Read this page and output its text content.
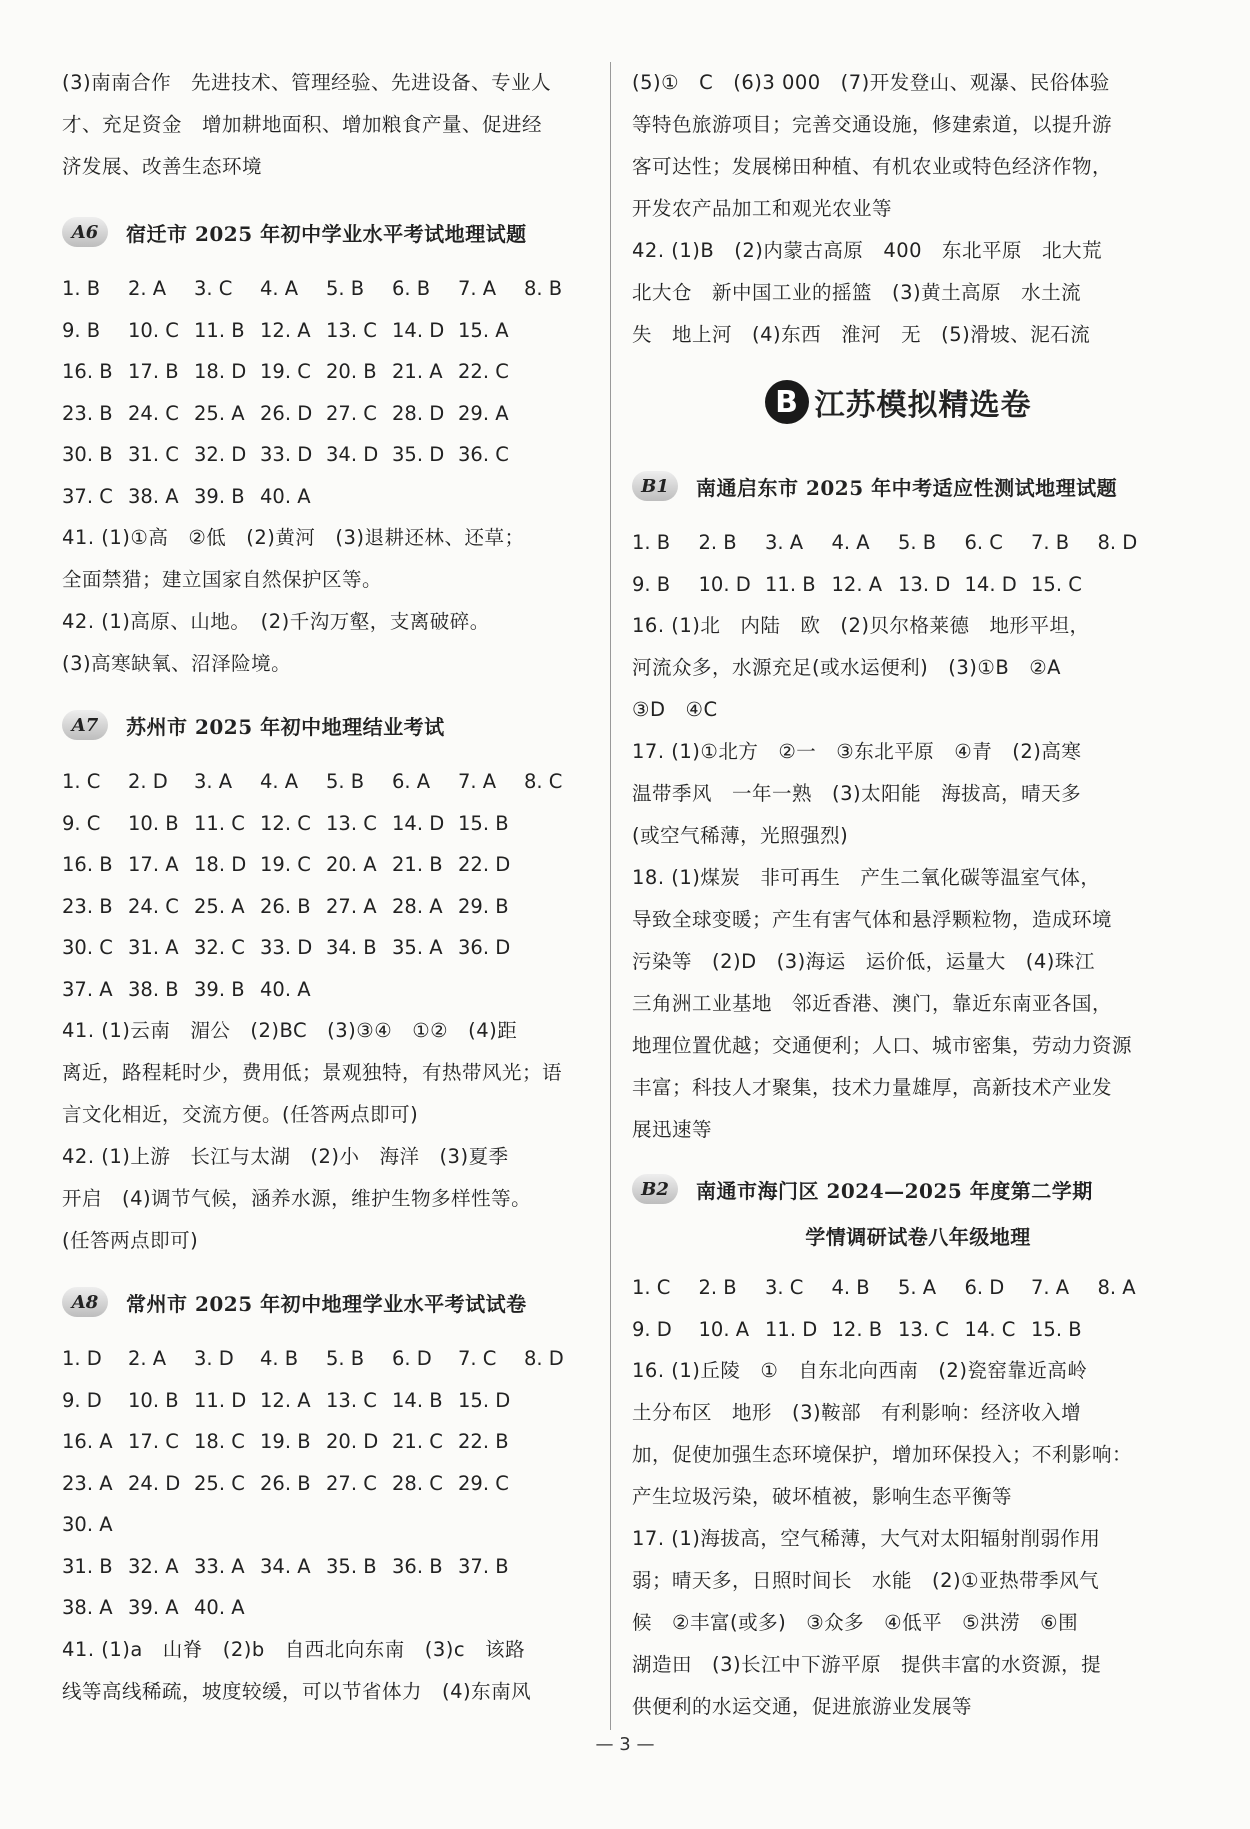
(3)南南合作　先进技术、管理经验、先进设备、专业人
才、充足资金　增加耕地面积、增加粮食产量、促进经
济发展、改善生态环境
A6	宿迁市 2025 年初中学业水平考试地理试题
1. B	2. A	3. C	4. A	5. B	6. B	7. A	8. B
9. B	10. C 11. B 12. A 13. C 14. D 15. A
16. B 17. B 18. D 19. C 20. B 21. A 22. C
23. B 24. C 25. A 26. D 27. C 28. D 29. A
30. B 31. C 32. D 33. D 34. D 35. D 36. C
37. C 38. A 39. B 40. A
41. (1)①高　②低　(2)黄河　(3)退耕还林、还草；
全面禁猎；建立国家自然保护区等。
42. (1)高原、山地。　(2)千沟万壑，支离破碎。
(3)高寒缺氧、沼泽险境。
A7	苏州市 2025 年初中地理结业考试
1. C	2. D	3. A	4. A	5. B	6. A	7. A	8. C
9. C	10. B 11. C 12. C 13. C 14. D 15. B
16. B 17. A 18. D 19. C 20. A 21. B 22. D
23. B 24. C 25. A 26. B 27. A 28. A 29. B
30. C 31. A 32. C 33. D 34. B 35. A 36. D
37. A 38. B 39. B 40. A
41. (1)云南　湄公　(2)BC　(3)③④　①②　(4)距
离近，路程耗时少，费用低；景观独特，有热带风光；语
言文化相近，交流方便。(任答两点即可)
42. (1)上游　长江与太湖　(2)小　海洋　(3)夏季
开启　(4)调节气候，涵养水源，维护生物多样性等。
(任答两点即可)
A8	常州市 2025 年初中地理学业水平考试试卷
1. D	2. A	3. D	4. B	5. B	6. D	7. C	8. D
9. D	10. B 11. D 12. A 13. C 14. B 15. D
16. A 17. C 18. C 19. B 20. D 21. C 22. B
23. A 24. D 25. C 26. B 27. C 28. C 29. C
30. A
31. B 32. A 33. A 34. A 35. B 36. B 37. B
38. A 39. A 40. A
41. (1)a　山脊　(2)b　自西北向东南　(3)c　该路
线等高线稀疏，坡度较缓，可以节省体力　(4)东南风
(5)①　C　(6)3 000　(7)开发登山、观瀑、民俗体验
等特色旅游项目；完善交通设施，修建索道，以提升游
客可达性；发展梯田种植、有机农业或特色经济作物，
开发农产品加工和观光农业等
42. (1)B　(2)内蒙古高原　400　东北平原　北大荒
北大仓　新中国工业的摇篮　(3)黄土高原　水土流
失　地上河　(4)东西　淮河　无　(5)滑坡、泥石流
B 江苏模拟精选卷
B1	南通启东市 2025 年中考适应性测试地理试题
1. B	2. B	3. A	4. A	5. B	6. C	7. B	8. D
9. B	10. D 11. B 12. A 13. D 14. D 15. C
16. (1)北　内陆　欧　(2)贝尔格莱德　地形平坦，
河流众多，水源充足(或水运便利)　(3)①B　②A
③D　④C
17. (1)①北方　②一　③东北平原　④青　(2)高寒
温带季风　一年一熟　(3)太阳能　海拔高，晴天多
(或空气稀薄，光照强烈)
18. (1)煤炭　非可再生　产生二氧化碳等温室气体，
导致全球变暖；产生有害气体和悬浮颗粒物，造成环境
污染等　(2)D　(3)海运　运价低，运量大　(4)珠江
三角洲工业基地　邻近香港、澳门，靠近东南亚各国，
地理位置优越；交通便利；人口、城市密集，劳动力资源
丰富；科技人才聚集，技术力量雄厚，高新技术产业发
展迅速等
B2	南通市海门区 2024—2025 年度第二学期
学情调研试卷八年级地理
1. C	2. B	3. C	4. B	5. A	6. D	7. A	8. A
9. D	10. A 11. D 12. B 13. C 14. C 15. B
16. (1)丘陵　①　自东北向西南　(2)瓷窑靠近高岭
土分布区　地形　(3)鞍部　有利影响：经济收入增
加，促使加强生态环境保护，增加环保投入；不利影响：
产生垃圾污染，破坏植被，影响生态平衡等
17. (1)海拔高，空气稀薄，大气对太阳辐射削弱作用
弱；晴天多，日照时间长　水能　(2)①亚热带季风气
候　②丰富(或多)　③众多　④低平　⑤洪涝　⑥围
湖造田　(3)长江中下游平原　提供丰富的水资源，提
供便利的水运交通，促进旅游业发展等
— 3 —
